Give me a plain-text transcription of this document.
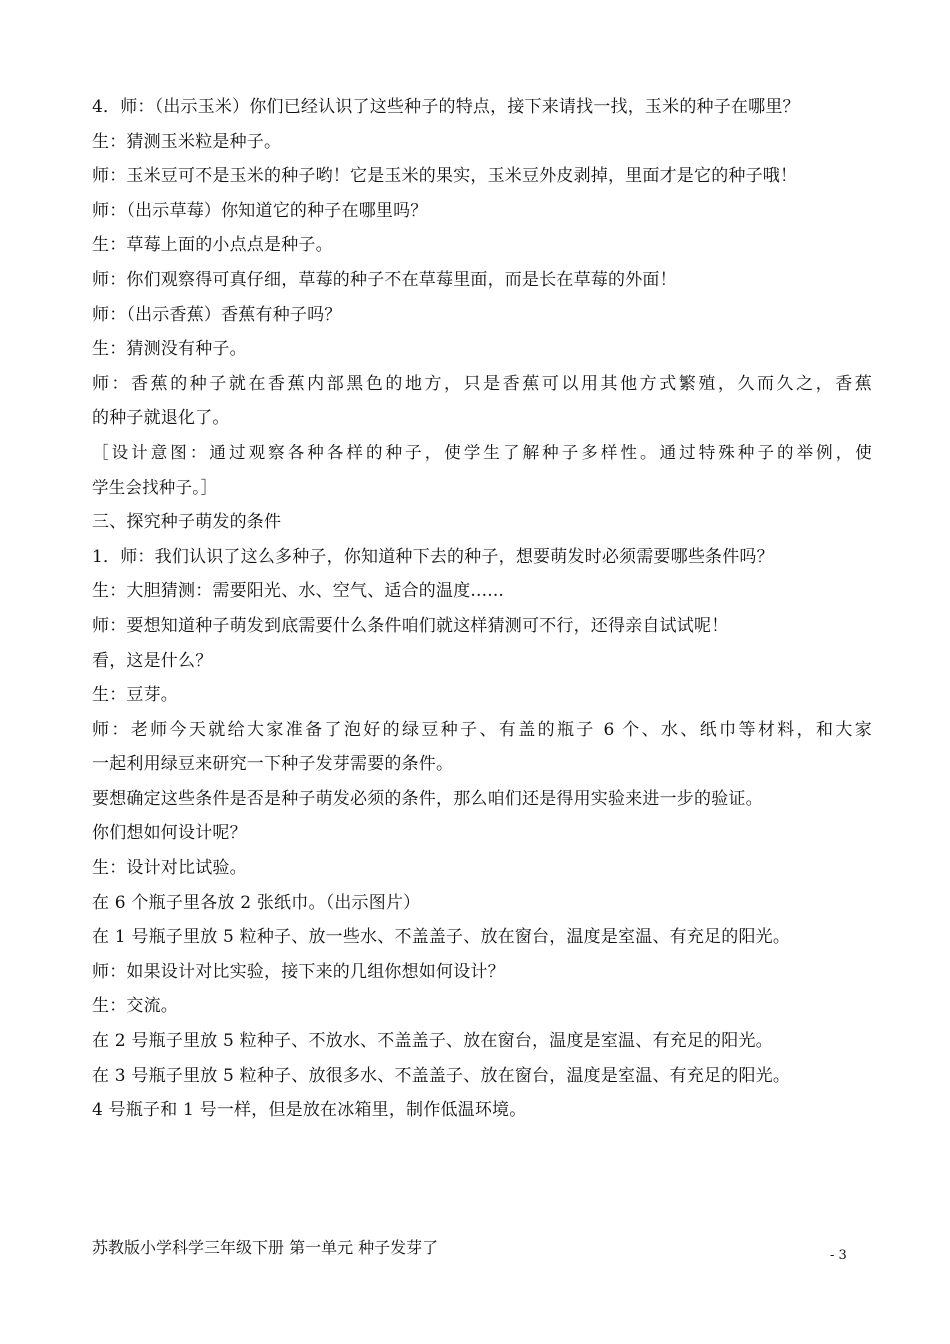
4．师：（出示玉米）你们已经认识了这些种子的特点，接下来请找一找，玉米的种子在哪里？
生：猜测玉米粒是种子。
师：玉米豆可不是玉米的种子哟！它是玉米的果实，玉米豆外皮剥掉，里面才是它的种子哦！
师：（出示草莓）你知道它的种子在哪里吗？
生：草莓上面的小点点是种子。
师：你们观察得可真仔细，草莓的种子不在草莓里面，而是长在草莓的外面！
师：（出示香蕉）香蕉有种子吗？
生：猜测没有种子。
师：香蕉的种子就在香蕉内部黑色的地方，只是香蕉可以用其他方式繁殖，久而久之，香蕉
的种子就退化了。
［设计意图：通过观察各种各样的种子，使学生了解种子多样性。通过特殊种子的举例，使
学生会找种子。］
三、探究种子萌发的条件
1．师：我们认识了这么多种子，你知道种下去的种子，想要萌发时必须需要哪些条件吗？
生：大胆猜测：需要阳光、水、空气、适合的温度......
师：要想知道种子萌发到底需要什么条件咱们就这样猜测可不行，还得亲自试试呢！
看，这是什么？
生：豆芽。
师：老师今天就给大家准备了泡好的绿豆种子、有盖的瓶子 6 个、水、纸巾等材料，和大家
一起利用绿豆来研究一下种子发芽需要的条件。
要想确定这些条件是否是种子萌发必须的条件，那么咱们还是得用实验来进一步的验证。
你们想如何设计呢？
生：设计对比试验。
在 6 个瓶子里各放 2 张纸巾。（出示图片）
在 1 号瓶子里放 5 粒种子、放一些水、不盖盖子、放在窗台，温度是室温、有充足的阳光。
师：如果设计对比实验，接下来的几组你想如何设计？
生：交流。
在 2 号瓶子里放 5 粒种子、不放水、不盖盖子、放在窗台，温度是室温、有充足的阳光。
在 3 号瓶子里放 5 粒种子、放很多水、不盖盖子、放在窗台，温度是室温、有充足的阳光。
4 号瓶子和 1 号一样，但是放在冰箱里，制作低温环境。
苏教版小学科学三年级下册 第一单元 种子发芽了	- 3
